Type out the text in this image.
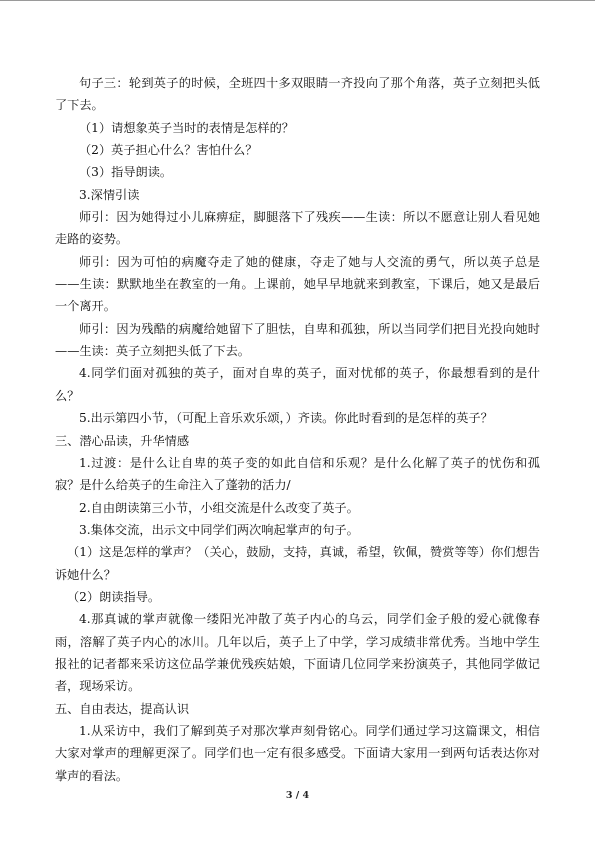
句子三：轮到英子的时候，全班四十多双眼睛一齐投向了那个角落，英子立刻把头低了下去。

（1）请想象英子当时的表情是怎样的？

（2）英子担心什么？害怕什么？

（3）指导朗读。

3.深情引读

师引：因为她得过小儿麻痹症，脚腿落下了残疾——生读：所以不愿意让别人看见她走路的姿势。

师引：因为可怕的病魔夺走了她的健康，夺走了她与人交流的勇气，所以英子总是——生读：默默地坐在教室的一角。上课前，她早早地就来到教室，下课后，她又是最后一个离开。

师引：因为残酷的病魔给她留下了胆怯，自卑和孤独，所以当同学们把目光投向她时——生读：英子立刻把头低了下去。

4.同学们面对孤独的英子，面对自卑的英子，面对忧郁的英子，你最想看到的是什么？

5.出示第四小节，（可配上音乐欢乐颂，）齐读。你此时看到的是怎样的英子？

三、潜心品读，升华情感

1.过渡：是什么让自卑的英子变的如此自信和乐观？是什么化解了英子的忧伤和孤寂？是什么给英子的生命注入了蓬勃的活力/

2.自由朗读第三小节，小组交流是什么改变了英子。

3.集体交流，出示文中同学们两次响起掌声的句子。

（1）这是怎样的掌声？（关心，鼓励，支持，真诚，希望，钦佩，赞赏等等）你们想告诉她什么？

（2）朗读指导。

4.那真诚的掌声就像一缕阳光冲散了英子内心的乌云，同学们金子般的爱心就像春雨，溶解了英子内心的冰川。几年以后，英子上了中学，学习成绩非常优秀。当地中学生报社的记者都来采访这位品学兼优残疾姑娘，下面请几位同学来扮演英子，其他同学做记者，现场采访。

五、自由表达，提高认识

1.从采访中，我们了解到英子对那次掌声刻骨铭心。同学们通过学习这篇课文，相信大家对掌声的理解更深了。同学们也一定有很多感受。下面请大家用一到两句话表达你对掌声的看法。

3 / 4
